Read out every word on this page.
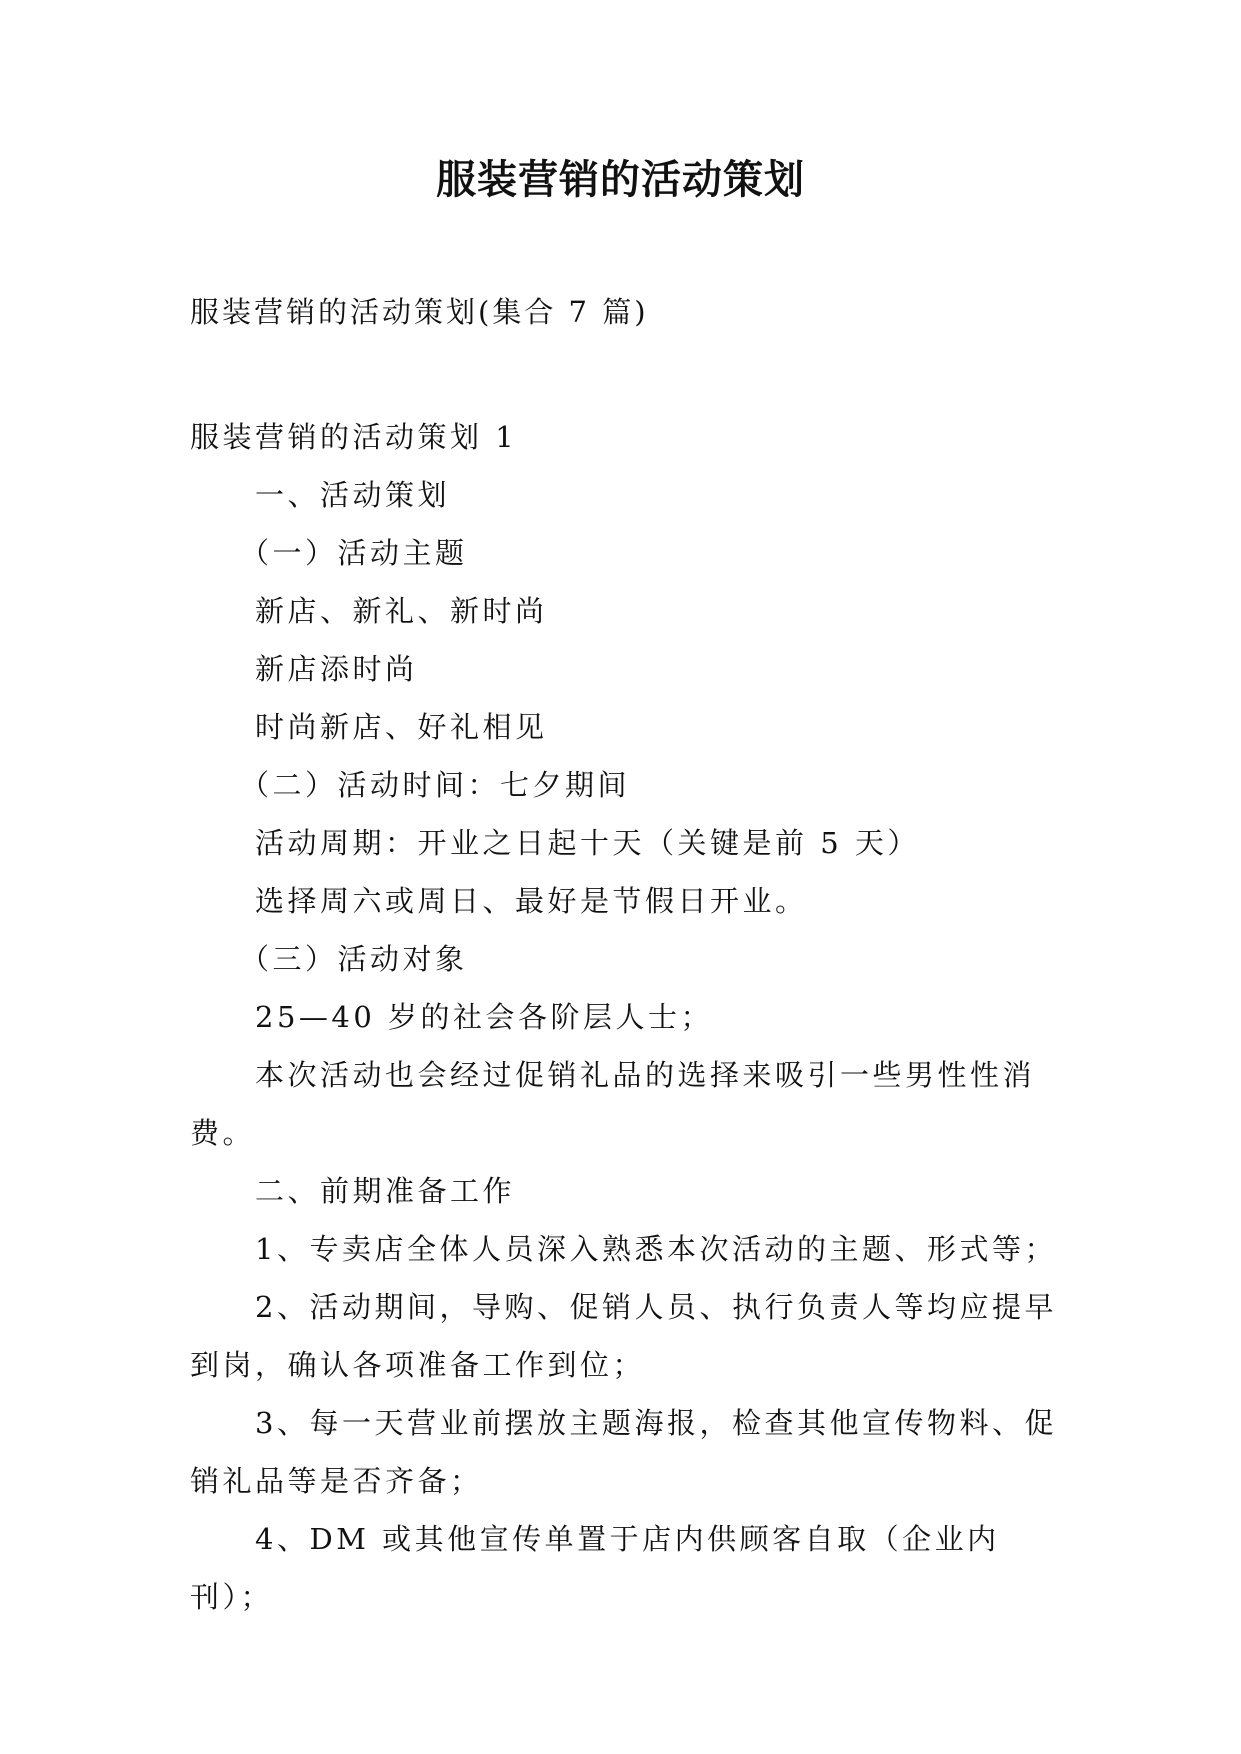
服装营销的活动策划

服装营销的活动策划(集合 7 篇)

服装营销的活动策划 1

一、活动策划

（一）活动主题

新店、新礼、新时尚

新店添时尚

时尚新店、好礼相见

（二）活动时间：七夕期间

活动周期：开业之日起十天（关键是前 5 天）

选择周六或周日、最好是节假日开业。

（三）活动对象

25—40 岁的社会各阶层人士；

本次活动也会经过促销礼品的选择来吸引一些男性性消费。

二、前期准备工作

1、专卖店全体人员深入熟悉本次活动的主题、形式等；

2、活动期间，导购、促销人员、执行负责人等均应提早到岗，确认各项准备工作到位；

3、每一天营业前摆放主题海报，检查其他宣传物料、促销礼品等是否齐备；

4、DM 或其他宣传单置于店内供顾客自取（企业内刊）；
